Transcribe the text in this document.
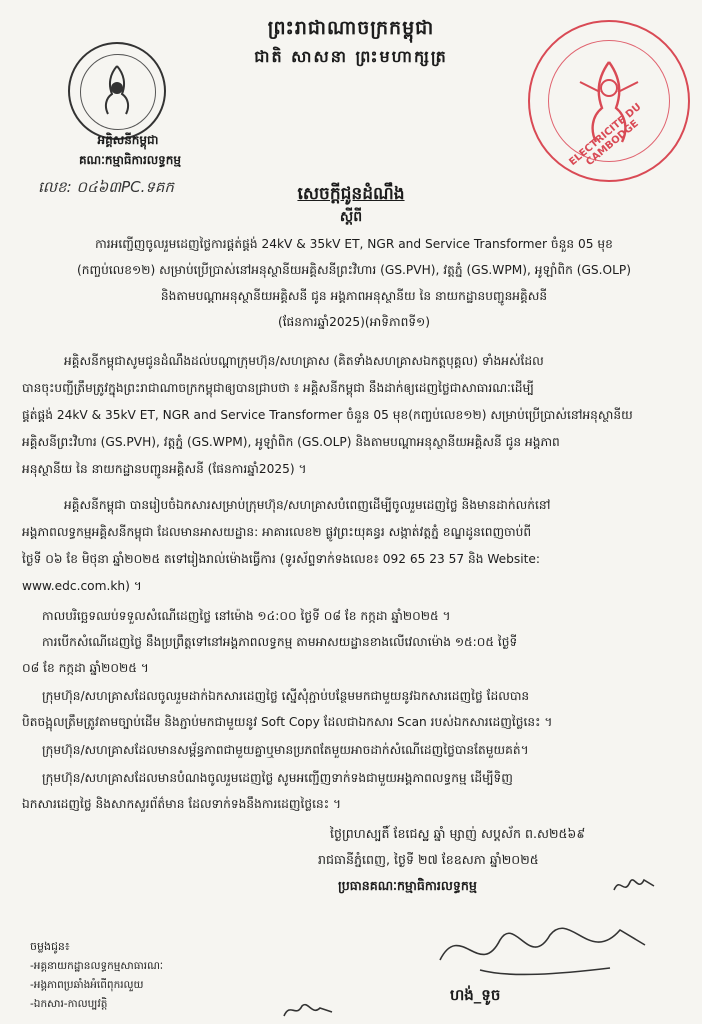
ព្រះរាជាណាចក្រកម្ពុជា
ជាតិ សាសនា ព្រះមហាក្សត្រ
អគ្គិសនីកម្ពុជា
គណៈកម្មាធិការលទ្ធកម្ម
លេខ: ០៤៦៣PC.ទគក
ELECTRICITE DU CAMBODGE
សេចក្តីជូនដំណឹង
ស្តីពី
ការអញ្ជើញចូលរួមដេញថ្លៃការផ្គត់ផ្គង់ 24kV & 35kV ET, NGR and Service Transformer ចំនួន 05 មុខ
(កញ្ចប់លេខ១២) សម្រាប់ប្រើប្រាស់នៅអនុស្ថានីយអគ្គិសនីព្រះវិហារ (GS.PVH), វត្តភ្នំ (GS.WPM), អូឡាំពិក (GS.OLP)
និងតាមបណ្តាអនុស្ថានីយអគ្គិសនី ជូន អង្គភាពអនុស្ថានីយ នៃ នាយកដ្ឋានបញ្ជូនអគ្គិសនី
(ផែនការឆ្នាំ2025)(អាទិភាពទី១)
អគ្គិសនីកម្ពុជាសូមជូនដំណឹងដល់បណ្តាក្រុមហ៊ុន/សហគ្រាស (គិតទាំងសហគ្រាសឯកត្តបុគ្គល) ទាំងអស់ដែល
បានចុះបញ្ជីត្រឹមត្រូវក្នុងព្រះរាជាណាចក្រកម្ពុជាឲ្យបានជ្រាបថា ៖ អគ្គិសនីកម្ពុជា នឹងដាក់ឲ្យដេញថ្លៃជាសាធារណៈដើម្បី
ផ្គត់ផ្គង់ 24kV & 35kV ET, NGR and Service Transformer ចំនួន 05 មុខ(កញ្ចប់លេខ១២) សម្រាប់ប្រើប្រាស់នៅអនុស្ថានីយ
អគ្គិសនីព្រះវិហារ (GS.PVH), វត្តភ្នំ (GS.WPM), អូឡាំពិក (GS.OLP) និងតាមបណ្តាអនុស្ថានីយអគ្គិសនី ជូន អង្គភាព
អនុស្ថានីយ នៃ នាយកដ្ឋានបញ្ជូនអគ្គិសនី (ផែនការឆ្នាំ2025) ។
អគ្គិសនីកម្ពុជា បានរៀបចំឯកសារសម្រាប់ក្រុមហ៊ុន/សហគ្រាសបំពេញដើម្បីចូលរួមដេញថ្លៃ និងមានដាក់លក់នៅ
អង្គភាពលទ្ធកម្មអគ្គិសនីកម្ពុជា ដែលមានអាសយដ្ឋាន: អាគារលេខ២ ផ្លូវព្រះយុគន្ធរ សង្កាត់វត្តភ្នំ ខណ្ឌដូនពេញចាប់ពី
ថ្ងៃទី ០៦ ខែ មិថុនា ឆ្នាំ២០២៥ តទៅរៀងរាល់ម៉ោងធ្វើការ (ទូរស័ព្ទទាក់ទងលេខ៖ 092 65 23 57 និង Website:
www.edc.com.kh) ។
កាលបរិច្ឆេទឈប់ទទួលសំណើដេញថ្លៃ នៅម៉ោង ១៤:០០ ថ្ងៃទី ០៨ ខែ កក្កដា ឆ្នាំ២០២៥ ។
ការបើកសំណើដេញថ្លៃ នឹងប្រព្រឹត្តទៅនៅអង្គភាពលទ្ធកម្ម តាមអាសយដ្ឋានខាងលើវេលាម៉ោង ១៥:០៥ ថ្ងៃទី
០៨ ខែ កក្កដា ឆ្នាំ២០២៥ ។
ក្រុមហ៊ុន/សហគ្រាសដែលចូលរួមដាក់ឯកសារដេញថ្លៃ ស្នើសុំភ្ជាប់បន្ថែមមកជាមួយនូវឯកសារដេញថ្លៃ ដែលបាន
បិតចង្អុលត្រឹមត្រូវតាមច្បាប់ដើម និងភ្ជាប់មកជាមួយនូវ Soft Copy ដែលជាឯកសារ Scan របស់ឯកសារដេញថ្លៃនេះ ។
ក្រុមហ៊ុន/សហគ្រាសដែលមានសម្ព័ន្ធភាពជាមួយគ្នាឬមានប្រភពតែមួយអាចដាក់សំណើដេញថ្លៃបានតែមួយគត់។
ក្រុមហ៊ុន/សហគ្រាសដែលមានបំណងចូលរួមដេញថ្លៃ សូមអញ្ជើញទាក់ទងជាមួយអង្គភាពលទ្ធកម្ម ដើម្បីទិញ
ឯកសារដេញថ្លៃ និងសាកសួរព័ត៌មាន ដែលទាក់ទងនឹងការដេញថ្លៃនេះ ។
ថ្ងៃព្រហស្បតិ៍ ខែជេស្ឋ ឆ្នាំ ម្សាញ់ សប្តស័ក ព.ស២៥៦៩
រាជធានីភ្នំពេញ, ថ្ងៃទី ២៧ ខែឧសភា ឆ្នាំ២០២៥
ប្រធានគណៈកម្មាធិការលទ្ធកម្ម
ហង់_ទូច
ចម្លងជូន៖
-អគ្គនាយកដ្ឋានលទ្ធកម្មសាធារណៈ
-អង្គភាពប្រឆាំងអំពើពុករលួយ
-ឯកសារ-កាលប្បវត្តិ
